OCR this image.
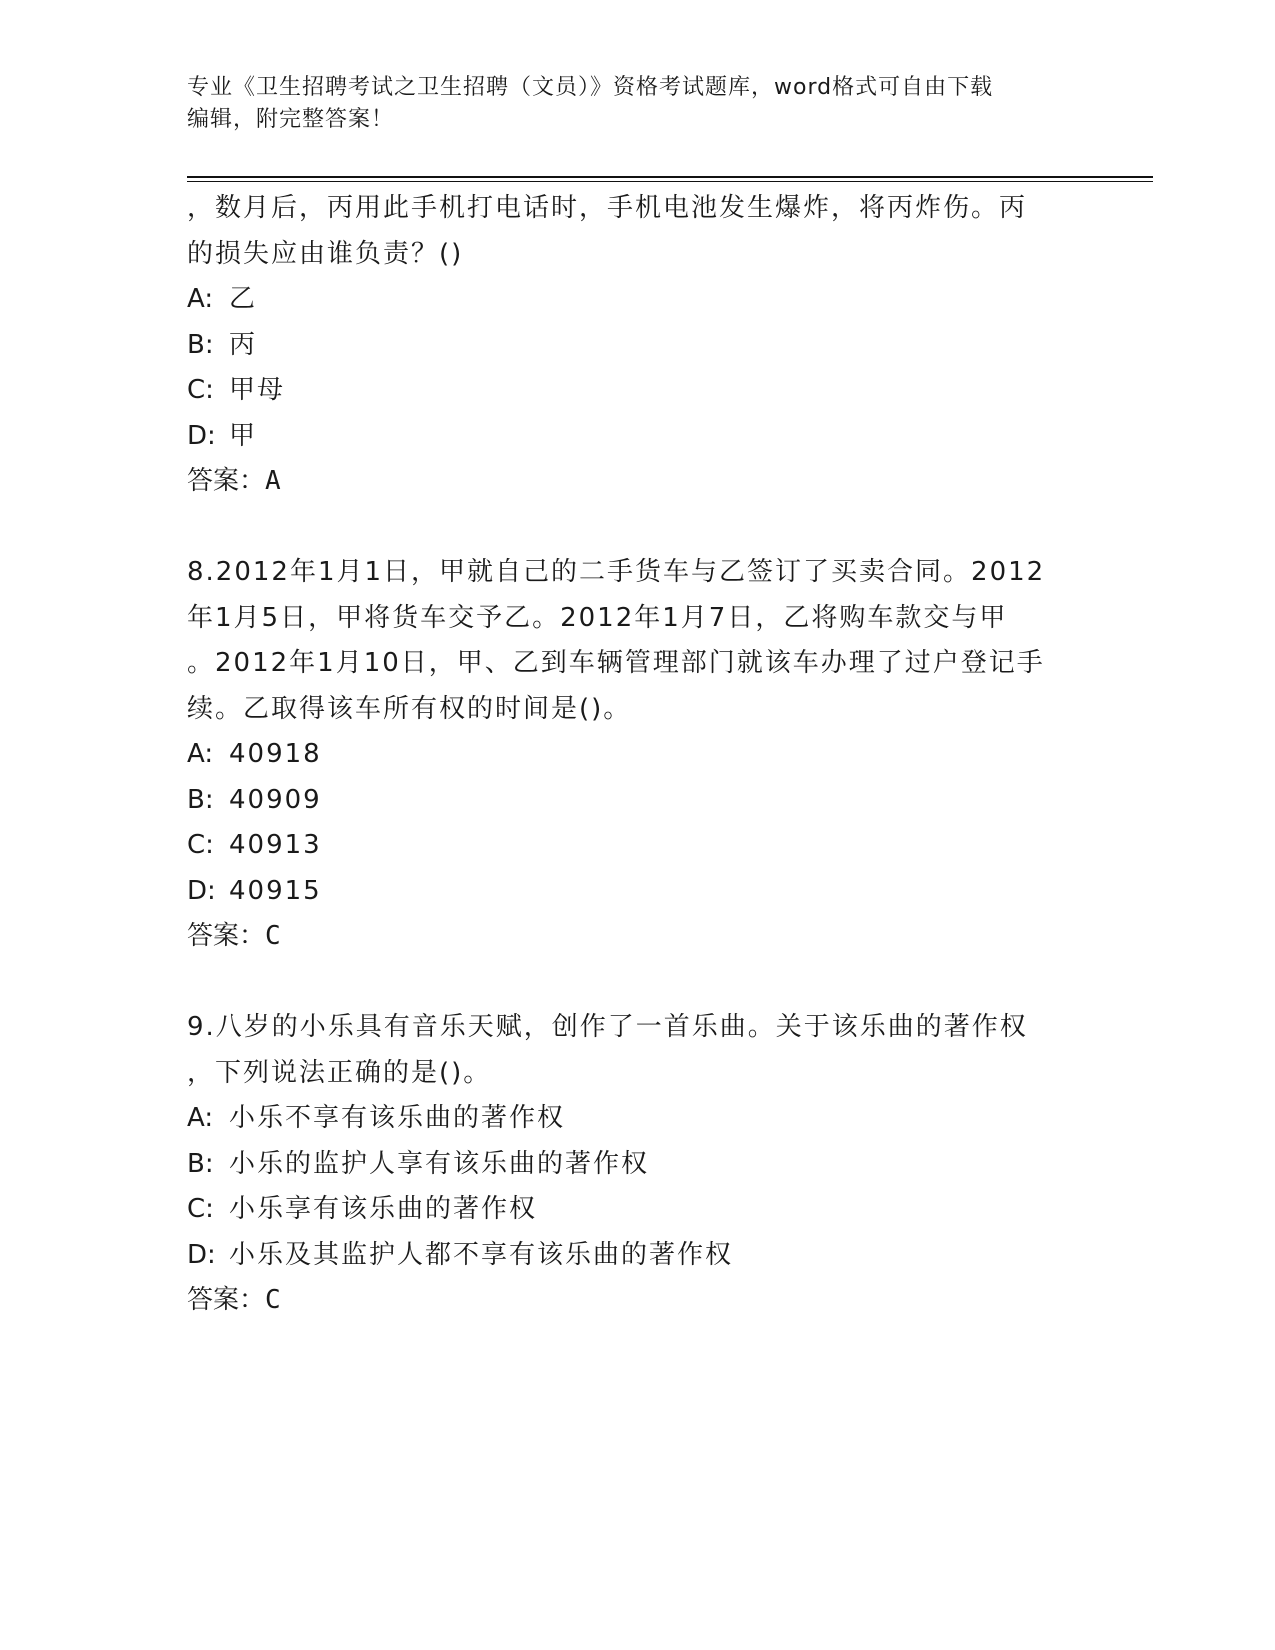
专业《卫生招聘考试之卫生招聘（文员）》资格考试题库，word格式可自由下载
编辑，附完整答案！
，数月后，丙用此手机打电话时，手机电池发生爆炸，将丙炸伤。丙
的损失应由谁负责？()
A: 乙
B: 丙
C: 甲母
D: 甲
答案：A
8.2012年1月1日，甲就自己的二手货车与乙签订了买卖合同。2012
年1月5日，甲将货车交予乙。2012年1月7日，乙将购车款交与甲
。2012年1月10日，甲、乙到车辆管理部门就该车办理了过户登记手
续。乙取得该车所有权的时间是()。
A: 40918
B: 40909
C: 40913
D: 40915
答案：C
9.八岁的小乐具有音乐天赋，创作了一首乐曲。关于该乐曲的著作权
，下列说法正确的是()。
A: 小乐不享有该乐曲的著作权
B: 小乐的监护人享有该乐曲的著作权
C: 小乐享有该乐曲的著作权
D: 小乐及其监护人都不享有该乐曲的著作权
答案：C
